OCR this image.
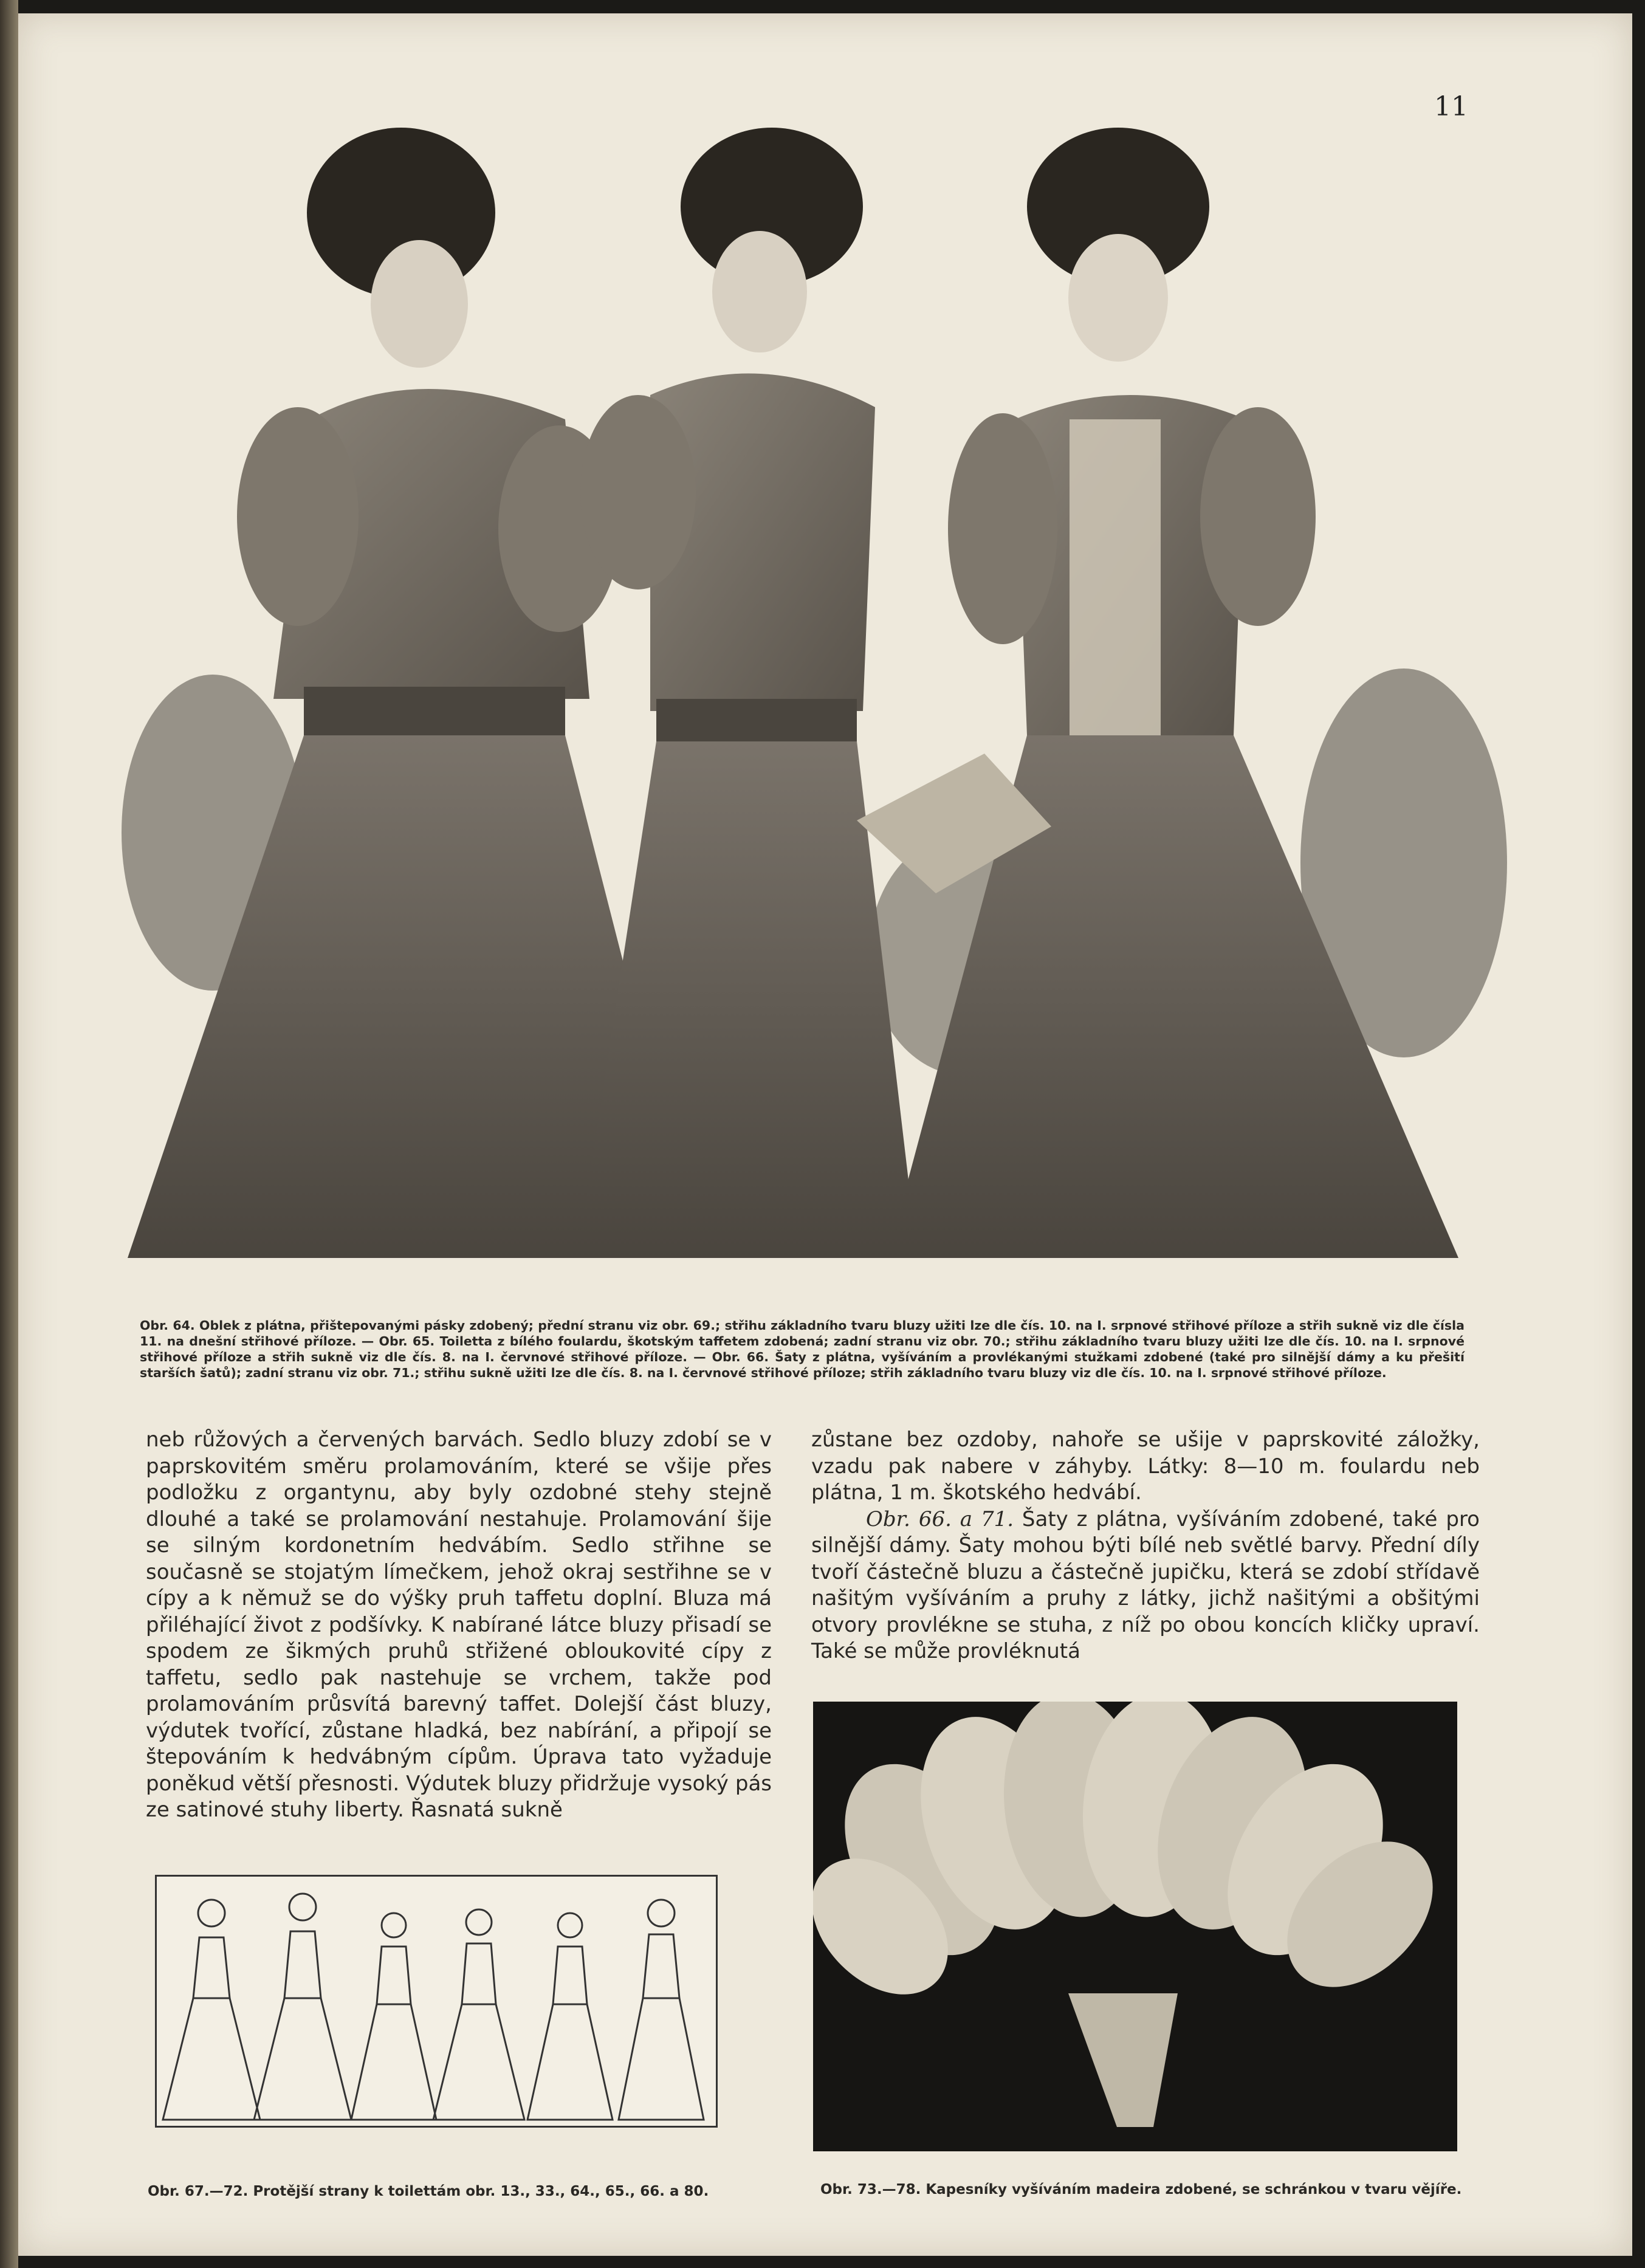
11
Obr. 64. Oblek z plátna, přištepovanými pásky zdobený; přední stranu viz obr. 69.; střihu základního tvaru bluzy užiti lze dle čís. 10. na I. srpnové střihové příloze a střih sukně viz dle čísla 11. na dnešní střihové příloze. — Obr. 65. Toiletta z bílého foulardu, škotským taffetem zdobená; zadní stranu viz obr. 70.; střihu základního tvaru bluzy užiti lze dle čís. 10. na I. srpnové střihové příloze a střih sukně viz dle čís. 8. na I. červnové střihové příloze. — Obr. 66. Šaty z plátna, vyšíváním a provlékanými stužkami zdobené (také pro silnější dámy a ku přešití starších šatů); zadní stranu viz obr. 71.; střihu sukně užiti lze dle čís. 8. na I. červnové střihové příloze; střih základního tvaru bluzy viz dle čís. 10. na I. srpnové střihové příloze.

neb růžových a červených barvách. Sedlo bluzy zdobí se v paprskovitém směru prolamováním, které se všije přes podložku z organtynu, aby byly ozdobné stehy stejně dlouhé a také se prolamování nestahuje. Prolamování šije se silným kordonetním hedvábím. Sedlo střihne se současně se stojatým límečkem, jehož okraj sestřihne se v cípy a k němuž se do výšky pruh taffetu doplní. Bluza má přiléhající život z podšívky. K nabírané látce bluzy přisadí se spodem ze šikmých pruhů střižené obloukovité cípy z taffetu, sedlo pak nastehuje se vrchem, takže pod prolamováním průsvítá barevný taffet. Dolejší část bluzy, výdutek tvořící, zůstane hladká, bez nabírání, a připojí se štepováním k hedvábným cípům. Úprava tato vyžaduje poněkud větší přesnosti. Výdutek bluzy přidržuje vysoký pás ze satinové stuhy liberty. Řasnatá sukně

zůstane bez ozdoby, nahoře se ušije v paprskovité záložky, vzadu pak nabere v záhyby. Látky: 8—10 m. foulardu neb plátna, 1 m. škotského hedvábí.

Obr. 66. a 71. Šaty z plátna, vyšíváním zdobené, také pro silnější dámy. Šaty mohou býti bílé neb světlé barvy. Přední díly tvoří částečně bluzu a částečně jupičku, která se zdobí střídavě našitým vyšíváním a pruhy z látky, jichž našitými a obšitými otvory provlékne se stuha, z níž po obou koncích kličky upraví. Také se může provléknutá

Obr. 67.—72. Protější strany k toilettám obr. 13., 33., 64., 65., 66. a 80.	Obr. 73.—78. Kapesníky vyšíváním madeira zdobené, se schránkou v tvaru vějíře.
